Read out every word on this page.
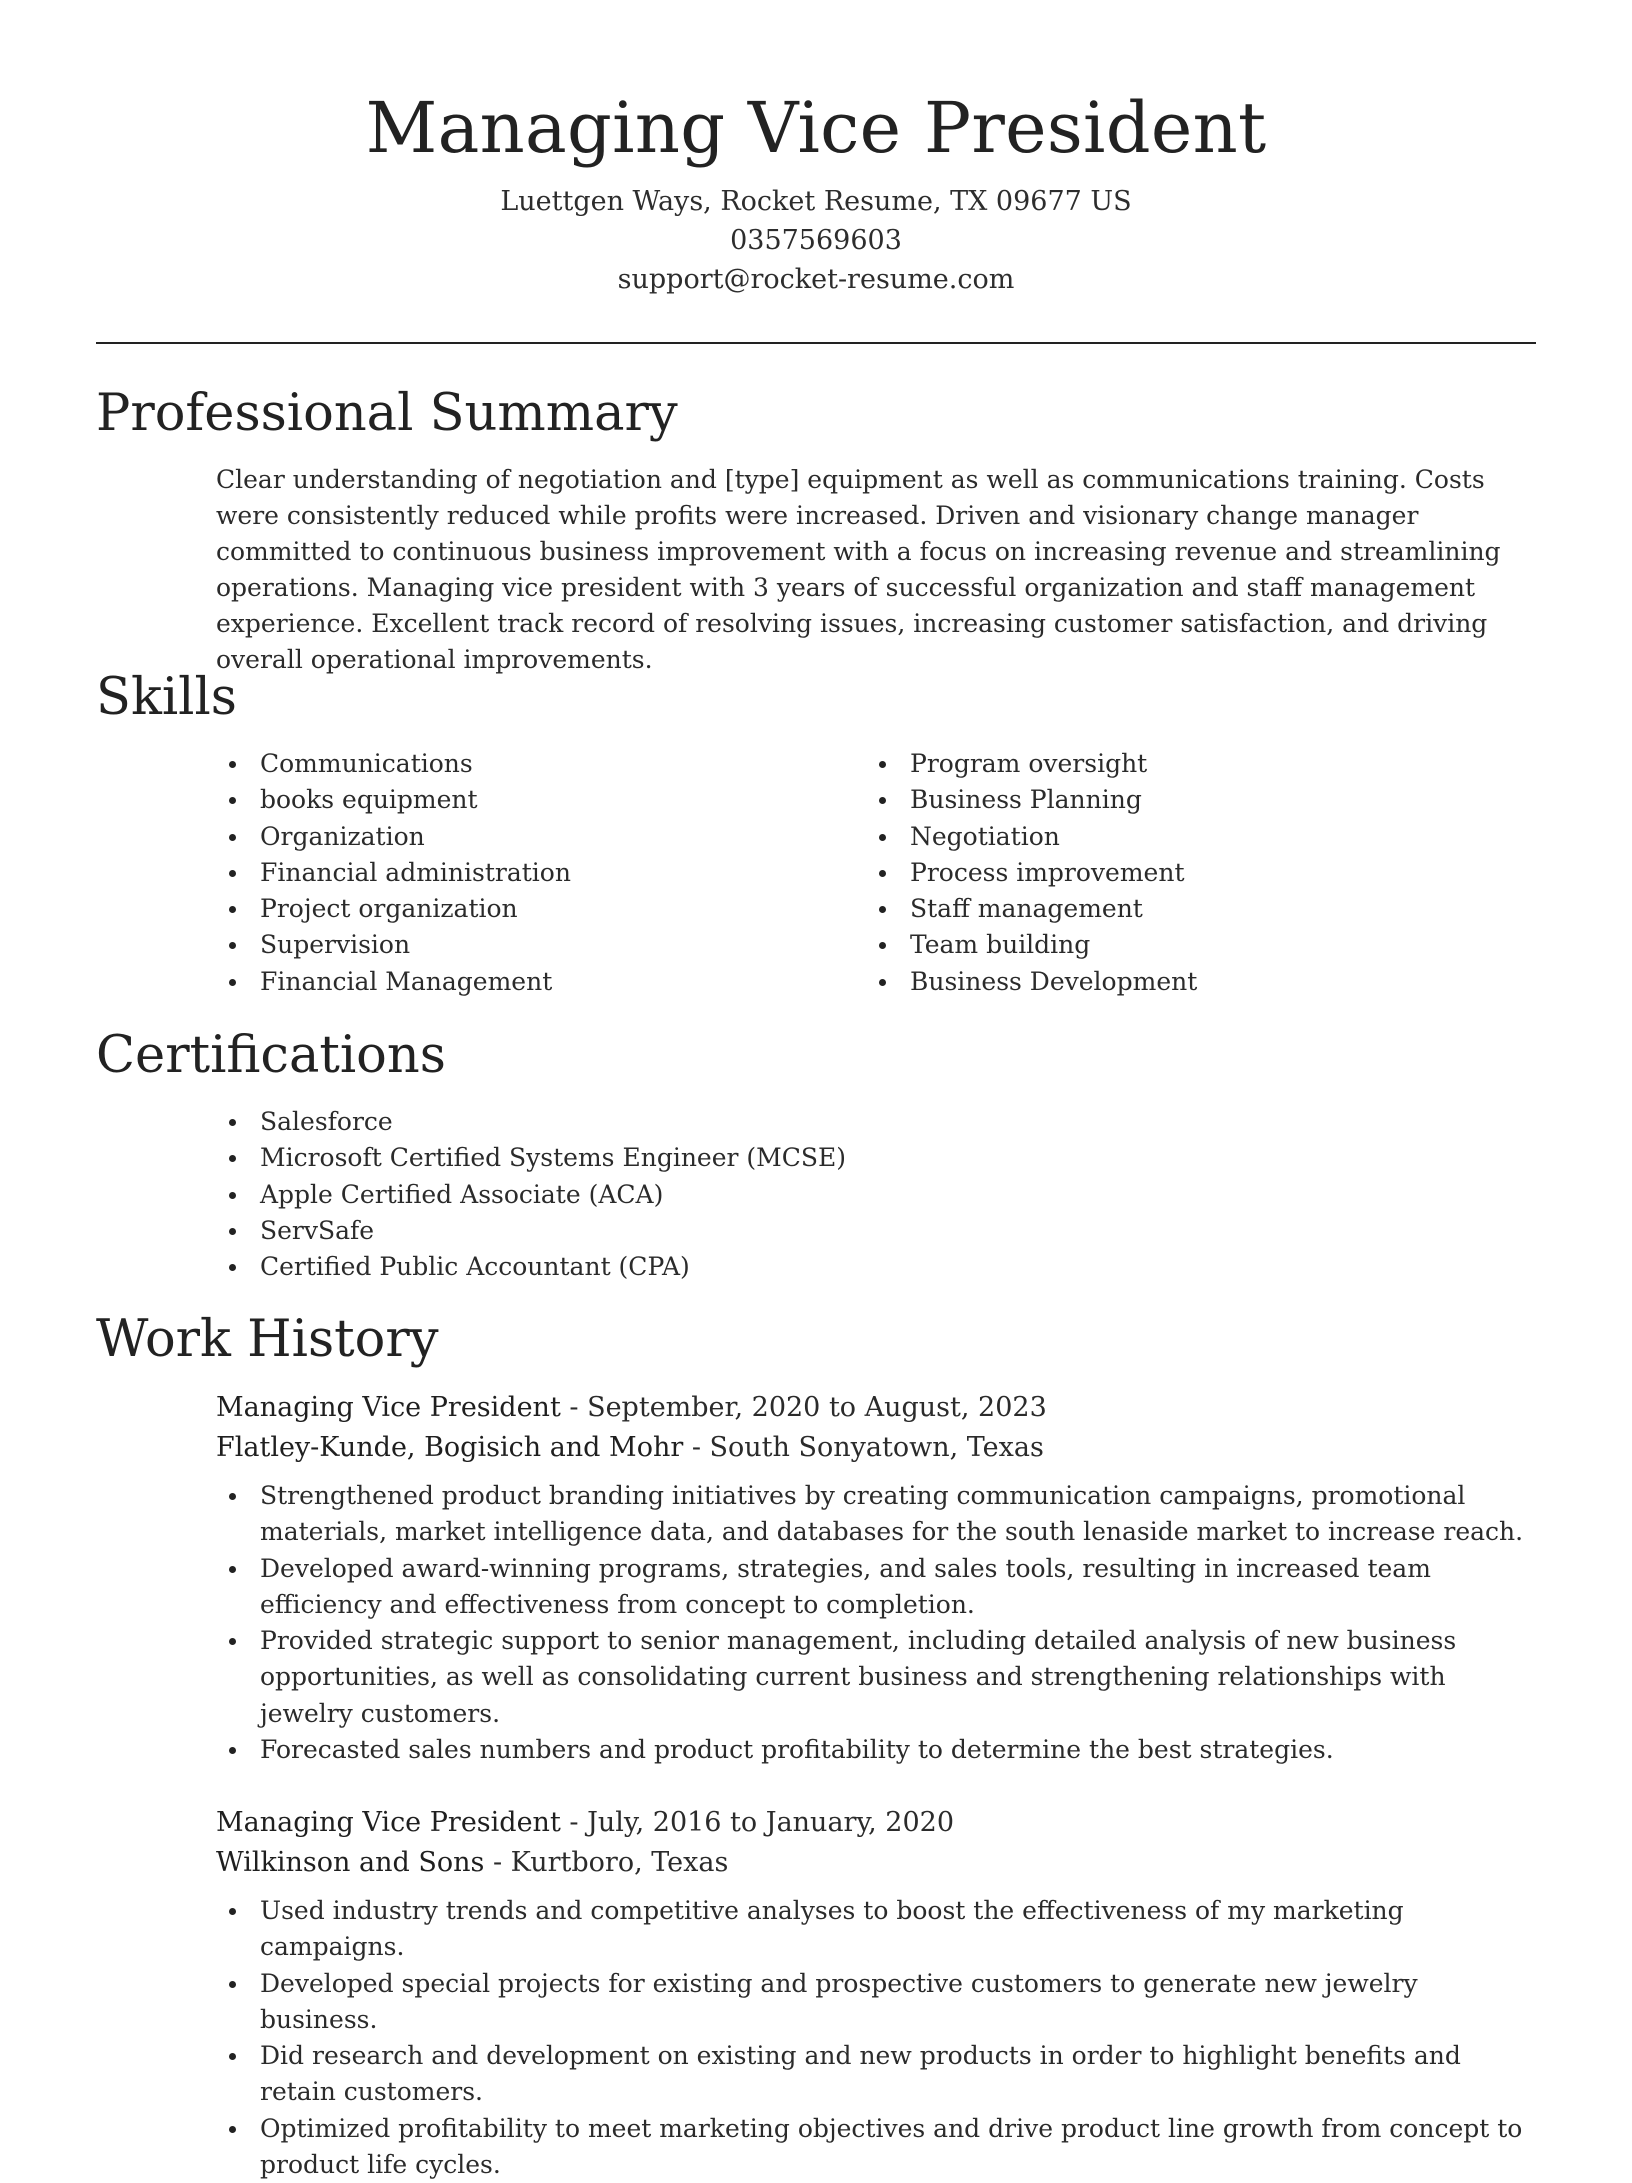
Managing Vice President
Luettgen Ways, Rocket Resume, TX 09677 US
0357569603
support@rocket-resume.com
Professional Summary
Clear understanding of negotiation and [type] equipment as well as communications training. Costs were consistently reduced while profits were increased. Driven and visionary change manager committed to continuous business improvement with a focus on increasing revenue and streamlining operations. Managing vice president with 3 years of successful organization and staff management experience. Excellent track record of resolving issues, increasing customer satisfaction, and driving overall operational improvements.
Skills
Communications
books equipment
Organization
Financial administration
Project organization
Supervision
Financial Management
Program oversight
Business Planning
Negotiation
Process improvement
Staff management
Team building
Business Development
Certifications
Salesforce
Microsoft Certified Systems Engineer (MCSE)
Apple Certified Associate (ACA)
ServSafe
Certified Public Accountant (CPA)
Work History
Managing Vice President - September, 2020 to August, 2023
Flatley-Kunde, Bogisich and Mohr - South Sonyatown, Texas
Strengthened product branding initiatives by creating communication campaigns, promotional materials, market intelligence data, and databases for the south lenaside market to increase reach.
Developed award-winning programs, strategies, and sales tools, resulting in increased team efficiency and effectiveness from concept to completion.
Provided strategic support to senior management, including detailed analysis of new business opportunities, as well as consolidating current business and strengthening relationships with jewelry customers.
Forecasted sales numbers and product profitability to determine the best strategies.
Managing Vice President - July, 2016 to January, 2020
Wilkinson and Sons - Kurtboro, Texas
Used industry trends and competitive analyses to boost the effectiveness of my marketing campaigns.
Developed special projects for existing and prospective customers to generate new jewelry business.
Did research and development on existing and new products in order to highlight benefits and retain customers.
Optimized profitability to meet marketing objectives and drive product line growth from concept to product life cycles.
